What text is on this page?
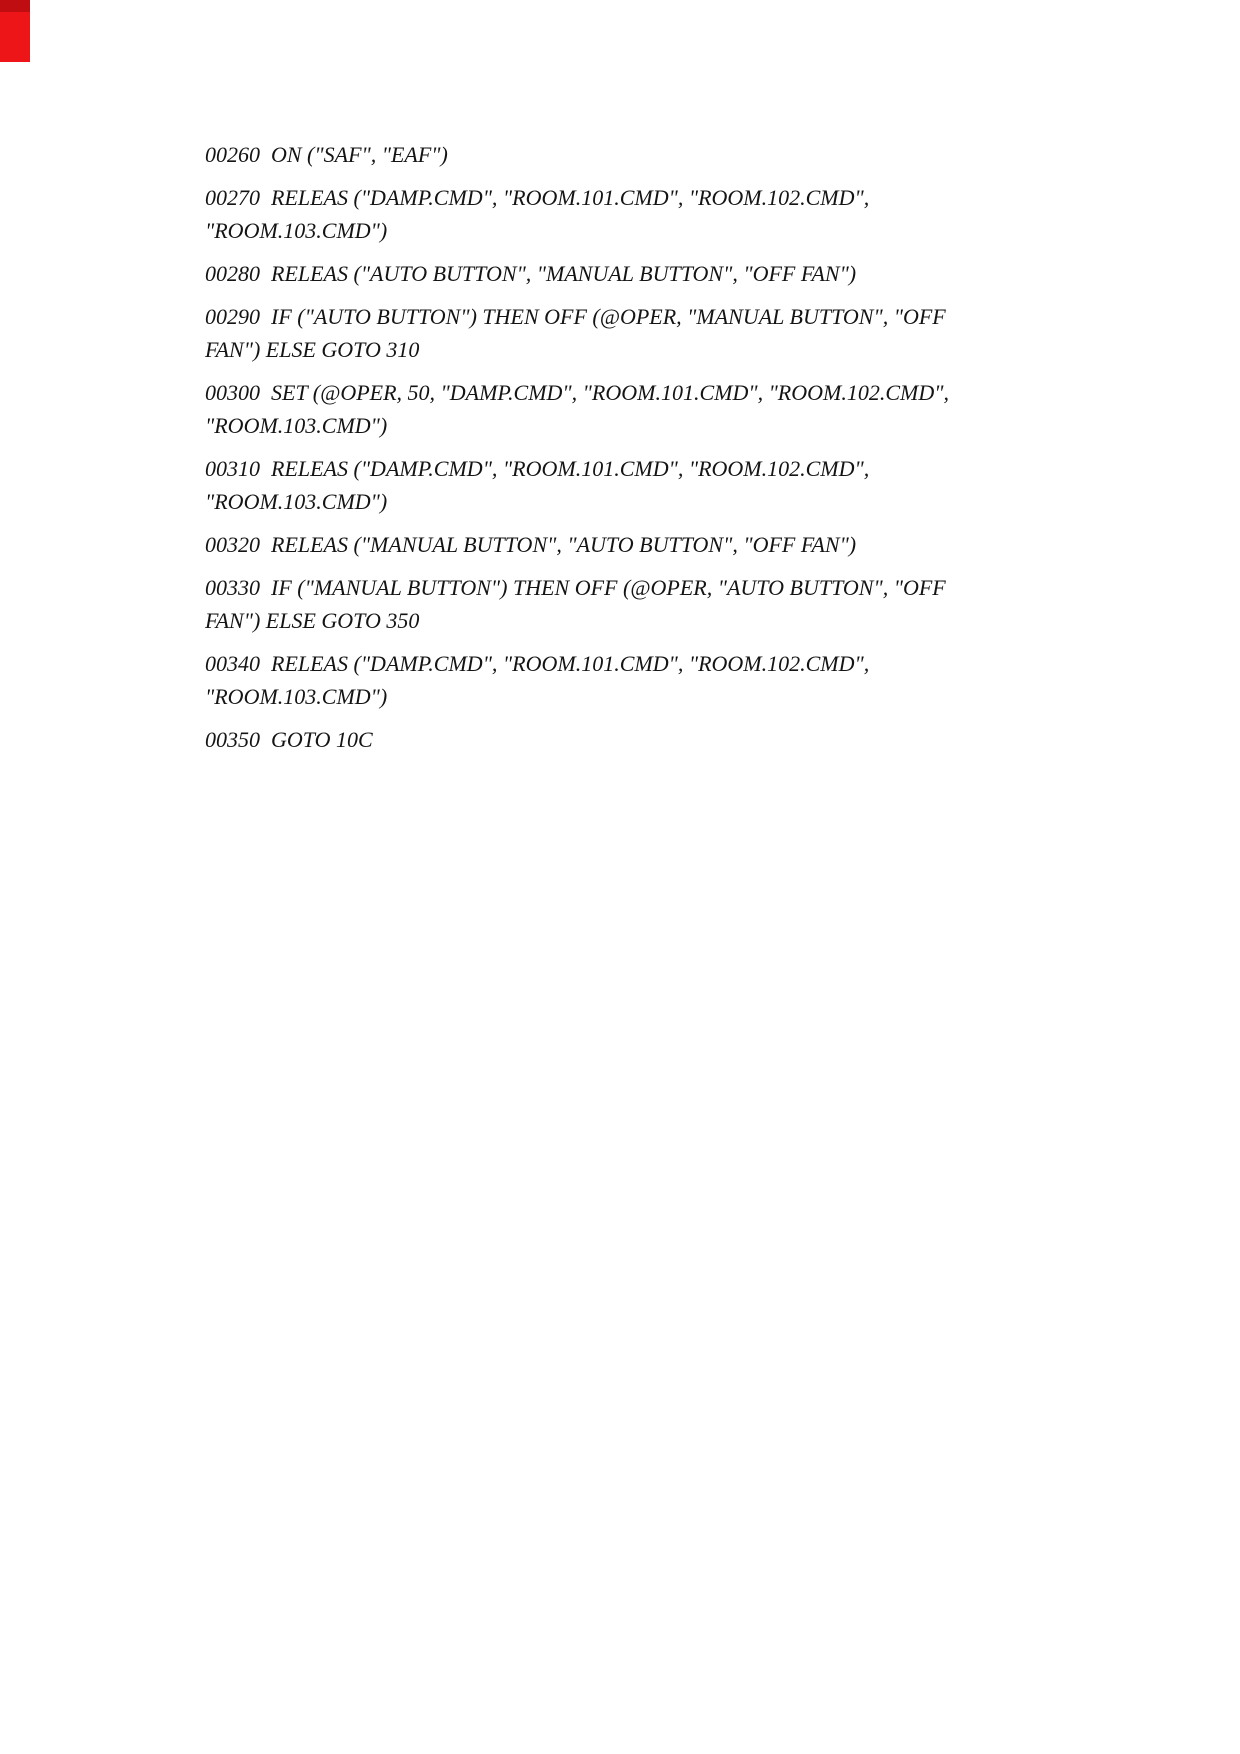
00260  ON ("SAF", "EAF")

00270  RELEAS ("DAMP.CMD", "ROOM.101.CMD", "ROOM.102.CMD",
"ROOM.103.CMD")

00280  RELEAS ("AUTO BUTTON", "MANUAL BUTTON", "OFF FAN")

00290  IF ("AUTO BUTTON") THEN OFF (@OPER, "MANUAL BUTTON", "OFF
FAN") ELSE GOTO 310

00300  SET (@OPER, 50, "DAMP.CMD", "ROOM.101.CMD", "ROOM.102.CMD",
"ROOM.103.CMD")

00310  RELEAS ("DAMP.CMD", "ROOM.101.CMD", "ROOM.102.CMD",
"ROOM.103.CMD")

00320  RELEAS ("MANUAL BUTTON", "AUTO BUTTON", "OFF FAN")

00330  IF ("MANUAL BUTTON") THEN OFF (@OPER, "AUTO BUTTON", "OFF
FAN") ELSE GOTO 350

00340  RELEAS ("DAMP.CMD", "ROOM.101.CMD", "ROOM.102.CMD",
"ROOM.103.CMD")

00350  GOTO 10C
